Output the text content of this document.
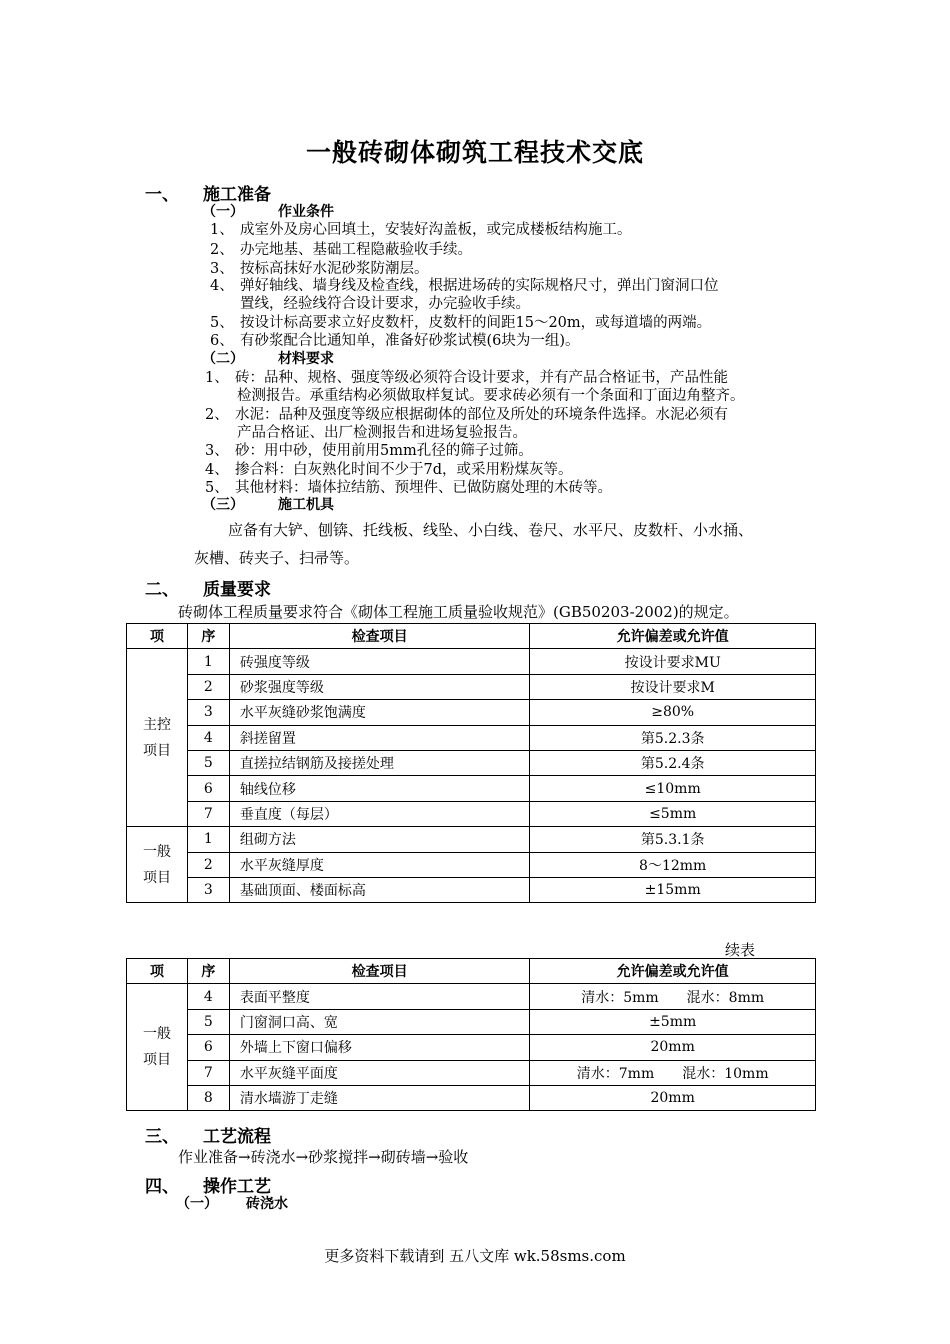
一般砖砌体砌筑工程技术交底
一、 施工准备
（一） 作业条件
1、 成室外及房心回填土，安装好沟盖板，或完成楼板结构施工。
2、 办完地基、基础工程隐蔽验收手续。
3、 按标高抹好水泥砂浆防潮层。
4、 弹好轴线、墙身线及检查线，根据进场砖的实际规格尺寸，弹出门窗洞口位
置线，经验线符合设计要求，办完验收手续。
5、 按设计标高要求立好皮数杆，皮数杆的间距15～20m，或每道墙的两端。
6、 有砂浆配合比通知单，准备好砂浆试模(6块为一组)。
（二） 材料要求
1、 砖：品种、规格、强度等级必须符合设计要求，并有产品合格证书，产品性能
检测报告。承重结构必须做取样复试。要求砖必须有一个条面和丁面边角整齐。
2、 水泥：品种及强度等级应根据砌体的部位及所处的环境条件选择。水泥必须有
产品合格证、出厂检测报告和进场复验报告。
3、 砂：用中砂，使用前用5mm孔径的筛子过筛。
4、 掺合料：白灰熟化时间不少于7d，或采用粉煤灰等。
5、 其他材料：墙体拉结筋、预埋件、已做防腐处理的木砖等。
（三） 施工机具
应备有大铲、刨锛、托线板、线坠、小白线、卷尺、水平尺、皮数杆、小水捅、
灰槽、砖夹子、扫帚等。
二、 质量要求
砖砌体工程质量要求符合《砌体工程施工质量验收规范》(GB50203-2002)的规定。
项	序	检查项目	允许偏差或允许值
主控
项目	1	砖强度等级	按设计要求MU
	2	砂浆强度等级	按设计要求M
	3	水平灰缝砂浆饱满度	≥80%
	4	斜搓留置	第5.2.3条
	5	直搓拉结钢筋及接搓处理	第5.2.4条
	6	轴线位移	≤10mm
	7	垂直度（每层）	≤5mm
一般
项目	1	组砌方法	第5.3.1条
	2	水平灰缝厚度	8～12mm
	3	基础顶面、楼面标高	±15mm
续表
项	序	检查项目	允许偏差或允许值
一般
项目	4	表面平整度	清水：5mm　　混水：8mm
	5	门窗洞口高、宽	±5mm
	6	外墙上下窗口偏移	20mm
	7	水平灰缝平面度	清水：7mm　　混水：10mm
	8	清水墙游丁走缝	20mm
三、 工艺流程
作业准备→砖浇水→砂浆搅拌→砌砖墙→验收
四、 操作工艺
（一） 砖浇水
更多资料下载请到 五八文库 wk.58sms.com
